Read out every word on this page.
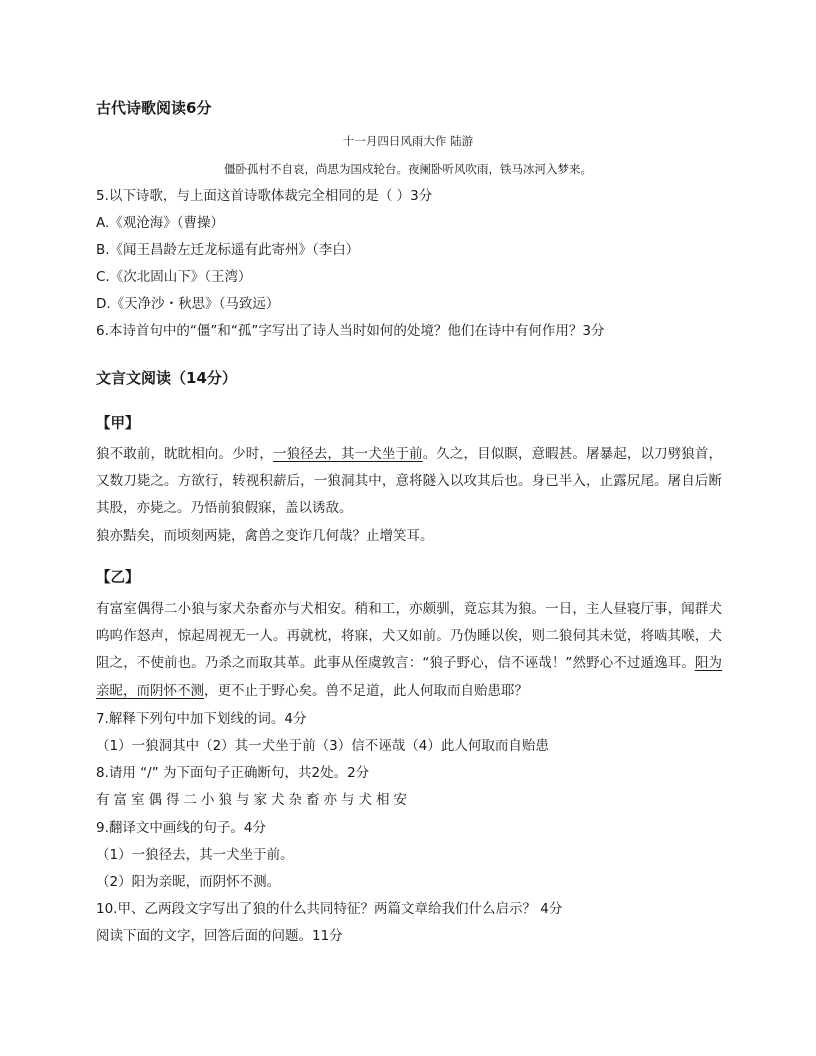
古代诗歌阅读6分
十一月四日风雨大作 陆游
僵卧孤村不自哀，尚思为国戍轮台。夜阑卧听风吹雨，铁马冰河入梦来。
5.以下诗歌，与上面这首诗歌体裁完全相同的是（ ）3分
A.《观沧海》（曹操）
B.《闻王昌龄左迁龙标遥有此寄州》（李白）
C.《次北固山下》（王湾）
D.《天净沙・秋思》（马致远）
6.本诗首句中的“僵”和“孤”字写出了诗人当时如何的处境？他们在诗中有何作用？3分
文言文阅读（14分）
【甲】

狼不敢前，眈眈相向。少时，一狼径去，其一犬坐于前。久之，目似瞑，意暇甚。屠暴起，以刀劈狼首，又数刀毙之。方欲行，转视积薪后，一狼洞其中，意将隧入以攻其后也。身已半入，止露尻尾。屠自后断其股，亦毙之。乃悟前狼假寐，盖以诱敌。

狼亦黠矣，而顷刻两毙，禽兽之变诈几何哉？止增笑耳。

【乙】

有富室偶得二小狼与家犬杂畜亦与犬相安。稍和工，亦颇驯，竟忘其为狼。一日，主人昼寝厅事，闻群犬呜呜作怒声，惊起周视无一人。再就枕，将寐，犬又如前。乃伪睡以俟，则二狼伺其未觉，将啮其喉，犬阻之，不使前也。乃杀之而取其革。此事从侄虞敦言：“狼子野心，信不诬哉！”然野心不过遁逸耳。阳为亲昵，而阴怀不测，更不止于野心矣。兽不足道，此人何取而自贻患耶？

7.解释下列句中加下划线的词。4分
（1）一狼洞其中（2）其一犬坐于前（3）信不诬哉（4）此人何取而自贻患
8.请用 “/” 为下面句子正确断句，共2处。2分
有富室偶得二小狼与家犬杂畜亦与犬相安
9.翻译文中画线的句子。4分
（1）一狼径去，其一犬坐于前。
（2）阳为亲昵，而阴怀不测。
10.甲、乙两段文字写出了狼的什么共同特征？两篇文章给我们什么启示？ 4分
阅读下面的文字，回答后面的问题。11分
